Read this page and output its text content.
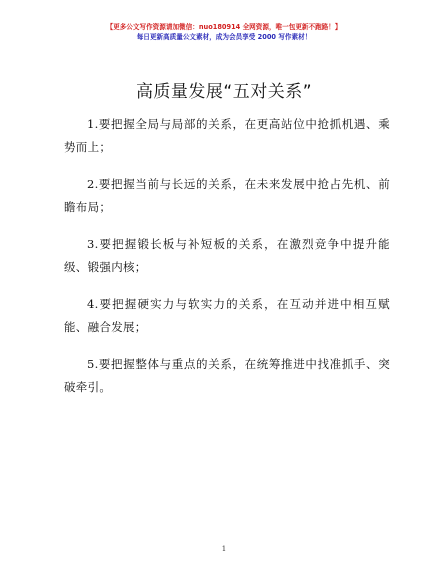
【更多公文写作资源请加微信：nuo180914 全网资源，唯一包更新不跑路！】
每日更新高质量公文素材，成为会员享受 2000 写作素材！
高质量发展“五对关系”

1.要把握全局与局部的关系，在更高站位中抢抓机遇、乘势而上；

2.要把握当前与长远的关系，在未来发展中抢占先机、前瞻布局；

3.要把握锻长板与补短板的关系，在激烈竞争中提升能级、锻强内核；

4.要把握硬实力与软实力的关系，在互动并进中相互赋能、融合发展；

5.要把握整体与重点的关系，在统筹推进中找准抓手、突破牵引。

1
